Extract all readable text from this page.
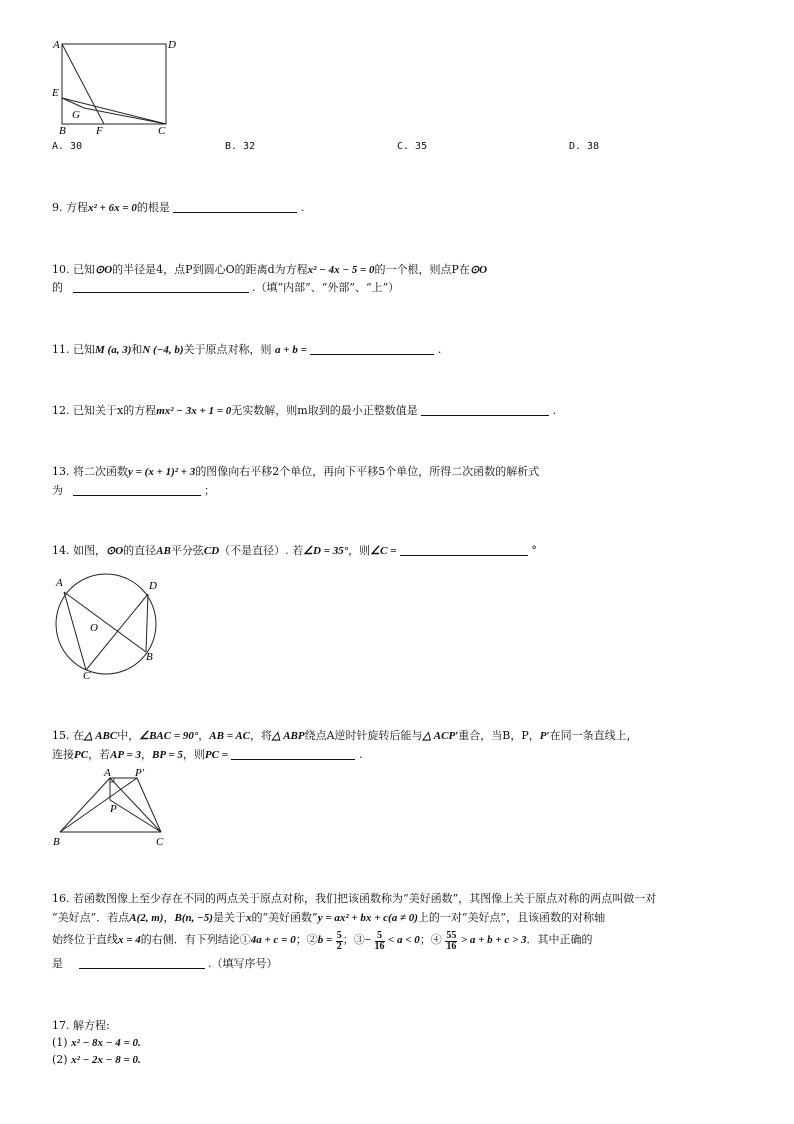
A	D
E
G
B	F	C
A. 30	B. 32	C. 35	D. 38
9. 方程x² + 6x = 0的根是	.
10. 已知⊙O的半径是4，点P到圆心O的距离d为方程x² − 4x − 5 = 0的一个根，则点P在⊙O
的	.（填“内部”、“外部”、“上”）
11. 已知M (a, 3)和N (−4, b)关于原点对称，则 a + b =	.
12. 已知关于x的方程mx² − 3x + 1 = 0无实数解，则m取到的最小正整数值是	.
13. 将二次函数y = (x + 1)² + 3的图像向右平移2个单位，再向下平移5个单位，所得二次函数的解析式
为	；
14. 如图，⊙O的直径AB平分弦CD（不是直径）. 若∠D = 35°，则∠C =	°
A	D
O
B
C
15. 在△ ABC中，∠BAC = 90°，AB = AC，将△ ABP绕点A逆时针旋转后能与△ ACP′重合，当B，P，P′在同一条直线上，
连接PC，若AP = 3，BP = 5，则PC =	.
A P′
P
B	C
16. 若函数图像上至少存在不同的两点关于原点对称，我们把该函数称为“美好函数”，其图像上关于原点对称的两点叫做一对
“美好点”．若点A(2, m)，B(n, −5)是关于x的“美好函数”y = ax² + bx + c(a ≠ 0)上的一对“美好点”，且该函数的对称轴
始终位于直线x = 4的右侧．有下列结论①4a + c = 0；②b = $\frac{5}{2}$ ；③− $\frac{5}{16} < a < 0$；④ $\frac{55}{16} > a + b + c > 3$．其中正确的
是	.（填写序号）
17. 解方程:
(1) x² − 8x − 4 = 0.
(2) x² − 2x − 8 = 0.
